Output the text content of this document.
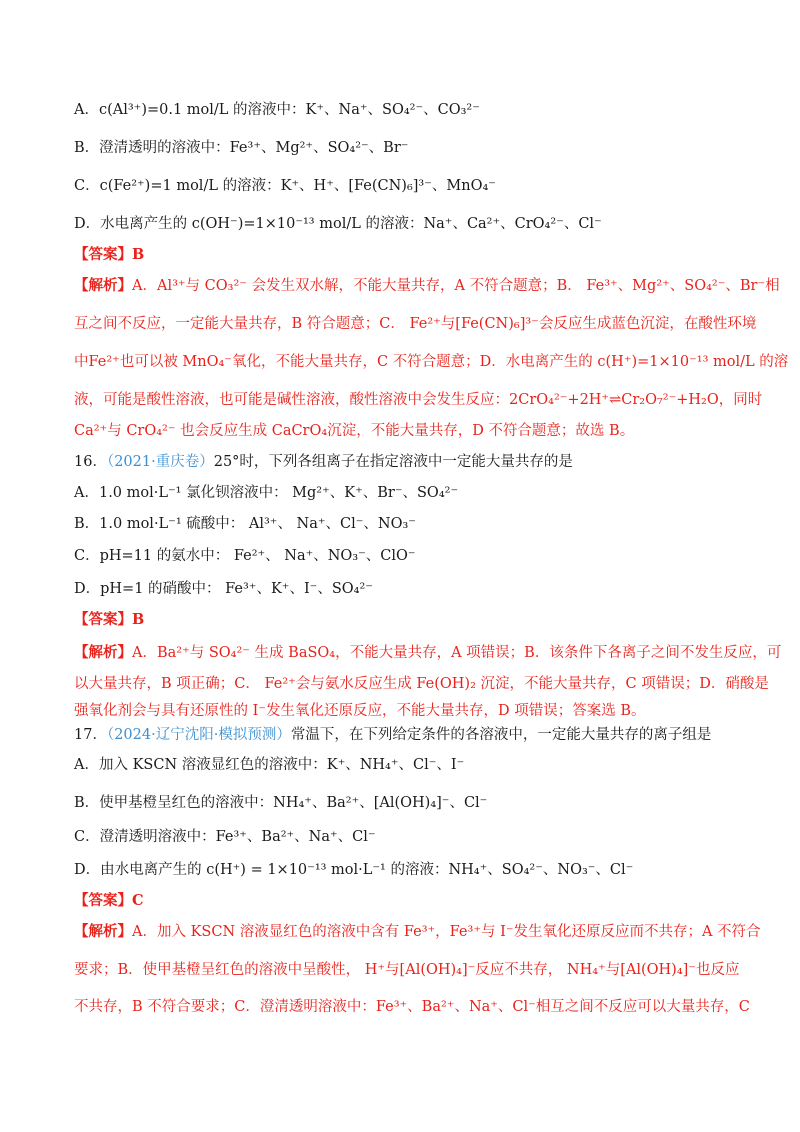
A．c(Al³⁺)=0.1 mol/L 的溶液中：K⁺、Na⁺、SO₄²⁻、CO₃²⁻
B．澄清透明的溶液中：Fe³⁺、Mg²⁺、SO₄²⁻、Br⁻
C．c(Fe²⁺)=1 mol/L 的溶液：K⁺、H⁺、[Fe(CN)₆]³⁻、MnO₄⁻
D．水电离产生的 c(OH⁻)=1×10⁻¹³ mol/L 的溶液：Na⁺、Ca²⁺、CrO₄²⁻、Cl⁻
【答案】B
【解析】A．Al³⁺与 CO₃²⁻ 会发生双水解，不能大量共存，A 不符合题意；B． Fe³⁺、Mg²⁺、SO₄²⁻、Br⁻相
互之间不反应，一定能大量共存，B 符合题意；C． Fe²⁺与[Fe(CN)₆]³⁻会反应生成蓝色沉淀，在酸性环境
中Fe²⁺也可以被 MnO₄⁻氧化，不能大量共存，C 不符合题意；D．水电离产生的 c(H⁺)=1×10⁻¹³ mol/L 的溶
液，可能是酸性溶液，也可能是碱性溶液，酸性溶液中会发生反应：2CrO₄²⁻+2H⁺⇌Cr₂O₇²⁻+H₂O，同时
Ca²⁺与 CrO₄²⁻ 也会反应生成 CaCrO₄沉淀，不能大量共存，D 不符合题意；故选 B。
16．（2021·重庆卷）25°时，下列各组离子在指定溶液中一定能大量共存的是
A．1.0 mol·L⁻¹ 氯化钡溶液中： Mg²⁺、K⁺、Br⁻、SO₄²⁻
B．1.0 mol·L⁻¹ 硫酸中： Al³⁺、 Na⁺、Cl⁻、NO₃⁻
C．pH=11 的氨水中： Fe²⁺、 Na⁺、NO₃⁻、ClO⁻
D．pH=1 的硝酸中： Fe³⁺、K⁺、I⁻、SO₄²⁻
【答案】B
【解析】A．Ba²⁺与 SO₄²⁻ 生成 BaSO₄，不能大量共存，A 项错误；B．该条件下各离子之间不发生反应，可
以大量共存，B 项正确；C． Fe²⁺会与氨水反应生成 Fe(OH)₂ 沉淀，不能大量共存，C 项错误；D．硝酸是
强氧化剂会与具有还原性的 I⁻发生氧化还原反应，不能大量共存，D 项错误；答案选 B。
17．（2024·辽宁沈阳·模拟预测）常温下，在下列给定条件的各溶液中，一定能大量共存的离子组是
A．加入 KSCN 溶液显红色的溶液中：K⁺、NH₄⁺、Cl⁻、I⁻
B．使甲基橙呈红色的溶液中：NH₄⁺、Ba²⁺、[Al(OH)₄]⁻、Cl⁻
C．澄清透明溶液中：Fe³⁺、Ba²⁺、Na⁺、Cl⁻
D．由水电离产生的 c(H⁺) = 1×10⁻¹³ mol·L⁻¹ 的溶液：NH₄⁺、SO₄²⁻、NO₃⁻、Cl⁻
【答案】C
【解析】A．加入 KSCN 溶液显红色的溶液中含有 Fe³⁺，Fe³⁺与 I⁻发生氧化还原反应而不共存；A 不符合
要求；B．使甲基橙呈红色的溶液中呈酸性， H⁺与[Al(OH)₄]⁻反应不共存， NH₄⁺与[Al(OH)₄]⁻也反应
不共存，B 不符合要求；C．澄清透明溶液中：Fe³⁺、Ba²⁺、Na⁺、Cl⁻相互之间不反应可以大量共存，C
